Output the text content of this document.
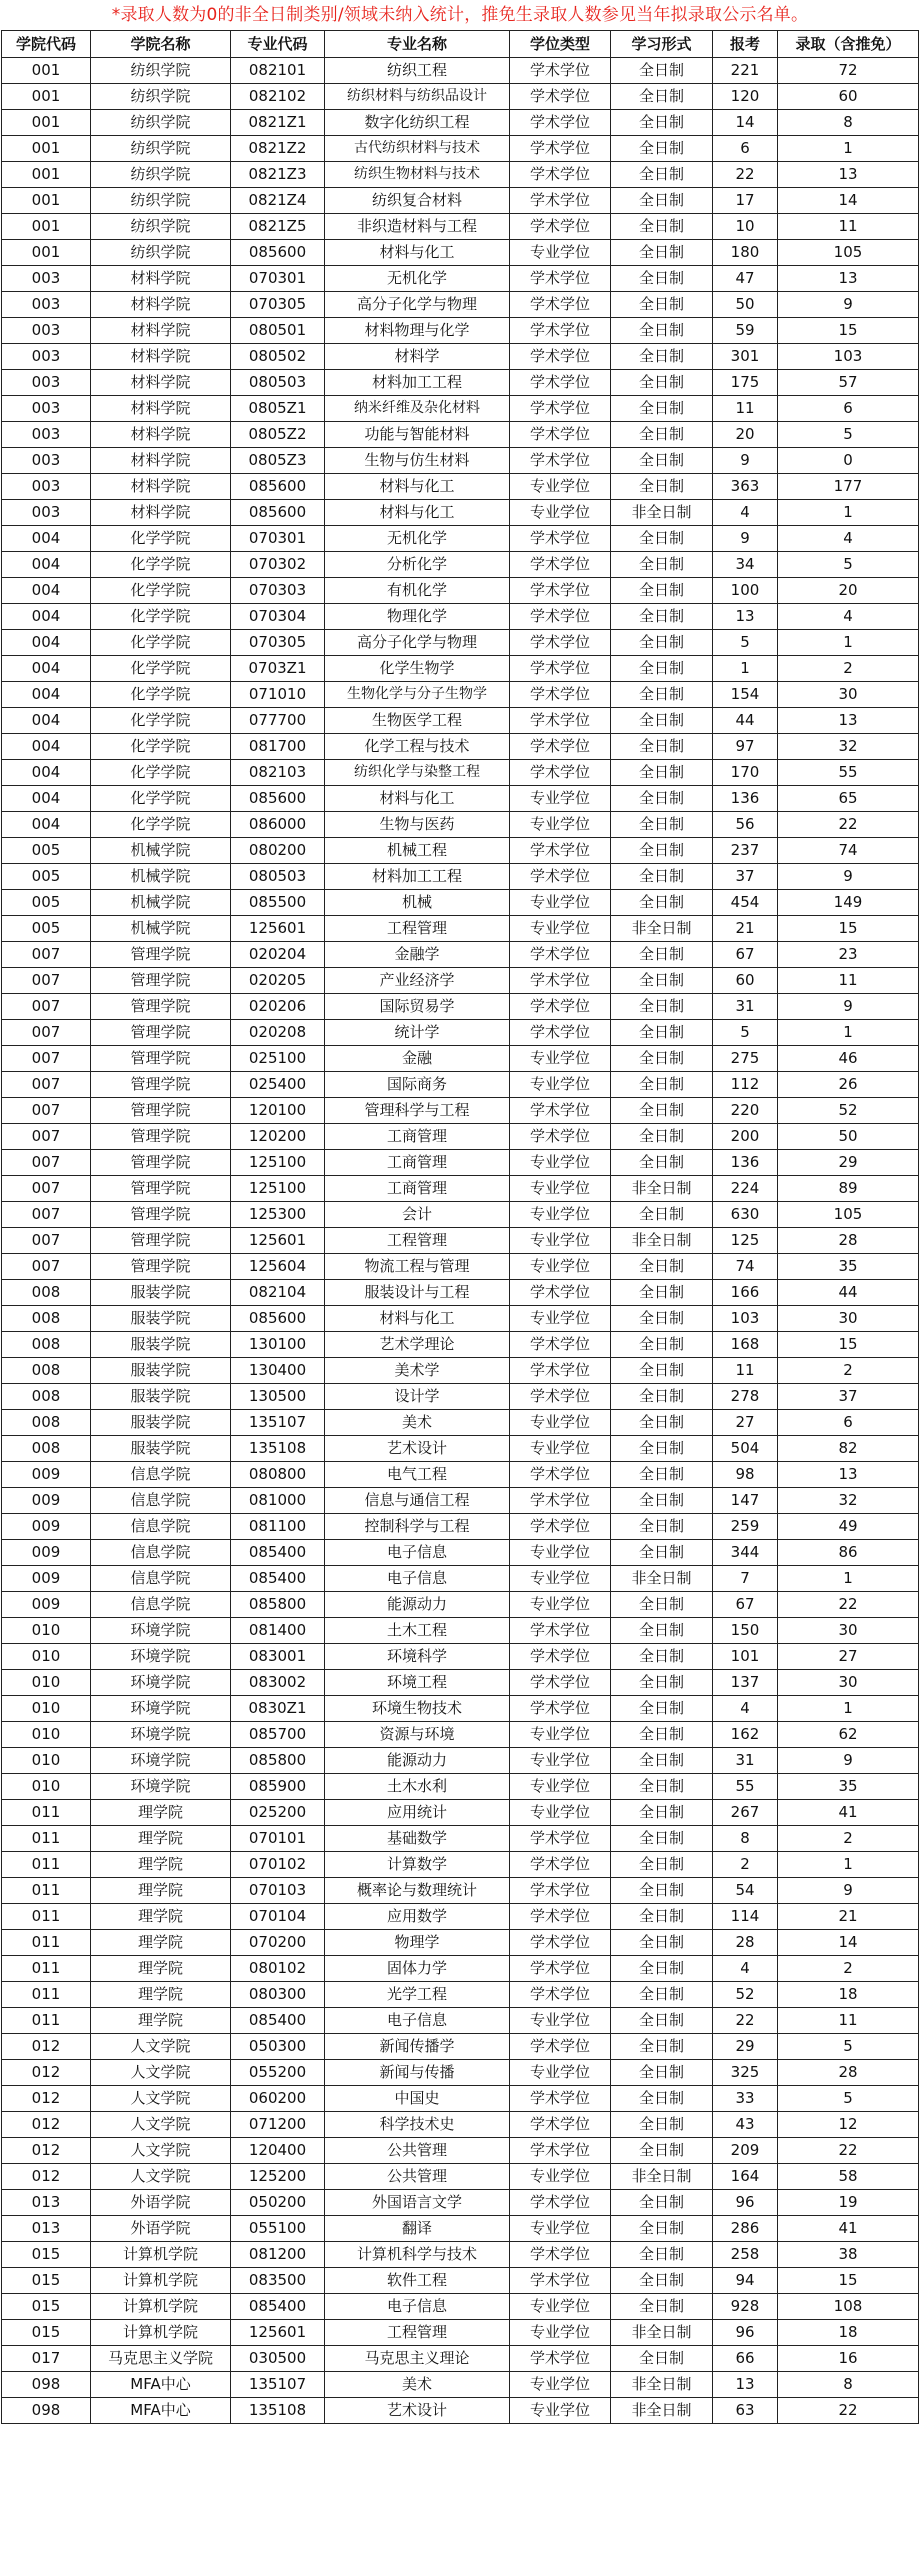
*录取人数为0的非全日制类别/领域未纳入统计，推免生录取人数参见当年拟录取公示名单。
学院代码	学院名称	专业代码	专业名称	学位类型	学习形式	报考	录取（含推免）
001	纺织学院	082101	纺织工程	学术学位	全日制	221	72
001	纺织学院	082102	纺织材料与纺织品设计	学术学位	全日制	120	60
001	纺织学院	0821Z1	数字化纺织工程	学术学位	全日制	14	8
001	纺织学院	0821Z2	古代纺织材料与技术	学术学位	全日制	6	1
001	纺织学院	0821Z3	纺织生物材料与技术	学术学位	全日制	22	13
001	纺织学院	0821Z4	纺织复合材料	学术学位	全日制	17	14
001	纺织学院	0821Z5	非织造材料与工程	学术学位	全日制	10	11
001	纺织学院	085600	材料与化工	专业学位	全日制	180	105
003	材料学院	070301	无机化学	学术学位	全日制	47	13
003	材料学院	070305	高分子化学与物理	学术学位	全日制	50	9
003	材料学院	080501	材料物理与化学	学术学位	全日制	59	15
003	材料学院	080502	材料学	学术学位	全日制	301	103
003	材料学院	080503	材料加工工程	学术学位	全日制	175	57
003	材料学院	0805Z1	纳米纤维及杂化材料	学术学位	全日制	11	6
003	材料学院	0805Z2	功能与智能材料	学术学位	全日制	20	5
003	材料学院	0805Z3	生物与仿生材料	学术学位	全日制	9	0
003	材料学院	085600	材料与化工	专业学位	全日制	363	177
003	材料学院	085600	材料与化工	专业学位	非全日制	4	1
004	化学学院	070301	无机化学	学术学位	全日制	9	4
004	化学学院	070302	分析化学	学术学位	全日制	34	5
004	化学学院	070303	有机化学	学术学位	全日制	100	20
004	化学学院	070304	物理化学	学术学位	全日制	13	4
004	化学学院	070305	高分子化学与物理	学术学位	全日制	5	1
004	化学学院	0703Z1	化学生物学	学术学位	全日制	1	2
004	化学学院	071010	生物化学与分子生物学	学术学位	全日制	154	30
004	化学学院	077700	生物医学工程	学术学位	全日制	44	13
004	化学学院	081700	化学工程与技术	学术学位	全日制	97	32
004	化学学院	082103	纺织化学与染整工程	学术学位	全日制	170	55
004	化学学院	085600	材料与化工	专业学位	全日制	136	65
004	化学学院	086000	生物与医药	专业学位	全日制	56	22
005	机械学院	080200	机械工程	学术学位	全日制	237	74
005	机械学院	080503	材料加工工程	学术学位	全日制	37	9
005	机械学院	085500	机械	专业学位	全日制	454	149
005	机械学院	125601	工程管理	专业学位	非全日制	21	15
007	管理学院	020204	金融学	学术学位	全日制	67	23
007	管理学院	020205	产业经济学	学术学位	全日制	60	11
007	管理学院	020206	国际贸易学	学术学位	全日制	31	9
007	管理学院	020208	统计学	学术学位	全日制	5	1
007	管理学院	025100	金融	专业学位	全日制	275	46
007	管理学院	025400	国际商务	专业学位	全日制	112	26
007	管理学院	120100	管理科学与工程	学术学位	全日制	220	52
007	管理学院	120200	工商管理	学术学位	全日制	200	50
007	管理学院	125100	工商管理	专业学位	全日制	136	29
007	管理学院	125100	工商管理	专业学位	非全日制	224	89
007	管理学院	125300	会计	专业学位	全日制	630	105
007	管理学院	125601	工程管理	专业学位	非全日制	125	28
007	管理学院	125604	物流工程与管理	专业学位	全日制	74	35
008	服装学院	082104	服装设计与工程	学术学位	全日制	166	44
008	服装学院	085600	材料与化工	专业学位	全日制	103	30
008	服装学院	130100	艺术学理论	学术学位	全日制	168	15
008	服装学院	130400	美术学	学术学位	全日制	11	2
008	服装学院	130500	设计学	学术学位	全日制	278	37
008	服装学院	135107	美术	专业学位	全日制	27	6
008	服装学院	135108	艺术设计	专业学位	全日制	504	82
009	信息学院	080800	电气工程	学术学位	全日制	98	13
009	信息学院	081000	信息与通信工程	学术学位	全日制	147	32
009	信息学院	081100	控制科学与工程	学术学位	全日制	259	49
009	信息学院	085400	电子信息	专业学位	全日制	344	86
009	信息学院	085400	电子信息	专业学位	非全日制	7	1
009	信息学院	085800	能源动力	专业学位	全日制	67	22
010	环境学院	081400	土木工程	学术学位	全日制	150	30
010	环境学院	083001	环境科学	学术学位	全日制	101	27
010	环境学院	083002	环境工程	学术学位	全日制	137	30
010	环境学院	0830Z1	环境生物技术	学术学位	全日制	4	1
010	环境学院	085700	资源与环境	专业学位	全日制	162	62
010	环境学院	085800	能源动力	专业学位	全日制	31	9
010	环境学院	085900	土木水利	专业学位	全日制	55	35
011	理学院	025200	应用统计	专业学位	全日制	267	41
011	理学院	070101	基础数学	学术学位	全日制	8	2
011	理学院	070102	计算数学	学术学位	全日制	2	1
011	理学院	070103	概率论与数理统计	学术学位	全日制	54	9
011	理学院	070104	应用数学	学术学位	全日制	114	21
011	理学院	070200	物理学	学术学位	全日制	28	14
011	理学院	080102	固体力学	学术学位	全日制	4	2
011	理学院	080300	光学工程	学术学位	全日制	52	18
011	理学院	085400	电子信息	专业学位	全日制	22	11
012	人文学院	050300	新闻传播学	学术学位	全日制	29	5
012	人文学院	055200	新闻与传播	专业学位	全日制	325	28
012	人文学院	060200	中国史	学术学位	全日制	33	5
012	人文学院	071200	科学技术史	学术学位	全日制	43	12
012	人文学院	120400	公共管理	学术学位	全日制	209	22
012	人文学院	125200	公共管理	专业学位	非全日制	164	58
013	外语学院	050200	外国语言文学	学术学位	全日制	96	19
013	外语学院	055100	翻译	专业学位	全日制	286	41
015	计算机学院	081200	计算机科学与技术	学术学位	全日制	258	38
015	计算机学院	083500	软件工程	学术学位	全日制	94	15
015	计算机学院	085400	电子信息	专业学位	全日制	928	108
015	计算机学院	125601	工程管理	专业学位	非全日制	96	18
017	马克思主义学院	030500	马克思主义理论	学术学位	全日制	66	16
098	MFA中心	135107	美术	专业学位	非全日制	13	8
098	MFA中心	135108	艺术设计	专业学位	非全日制	63	22
